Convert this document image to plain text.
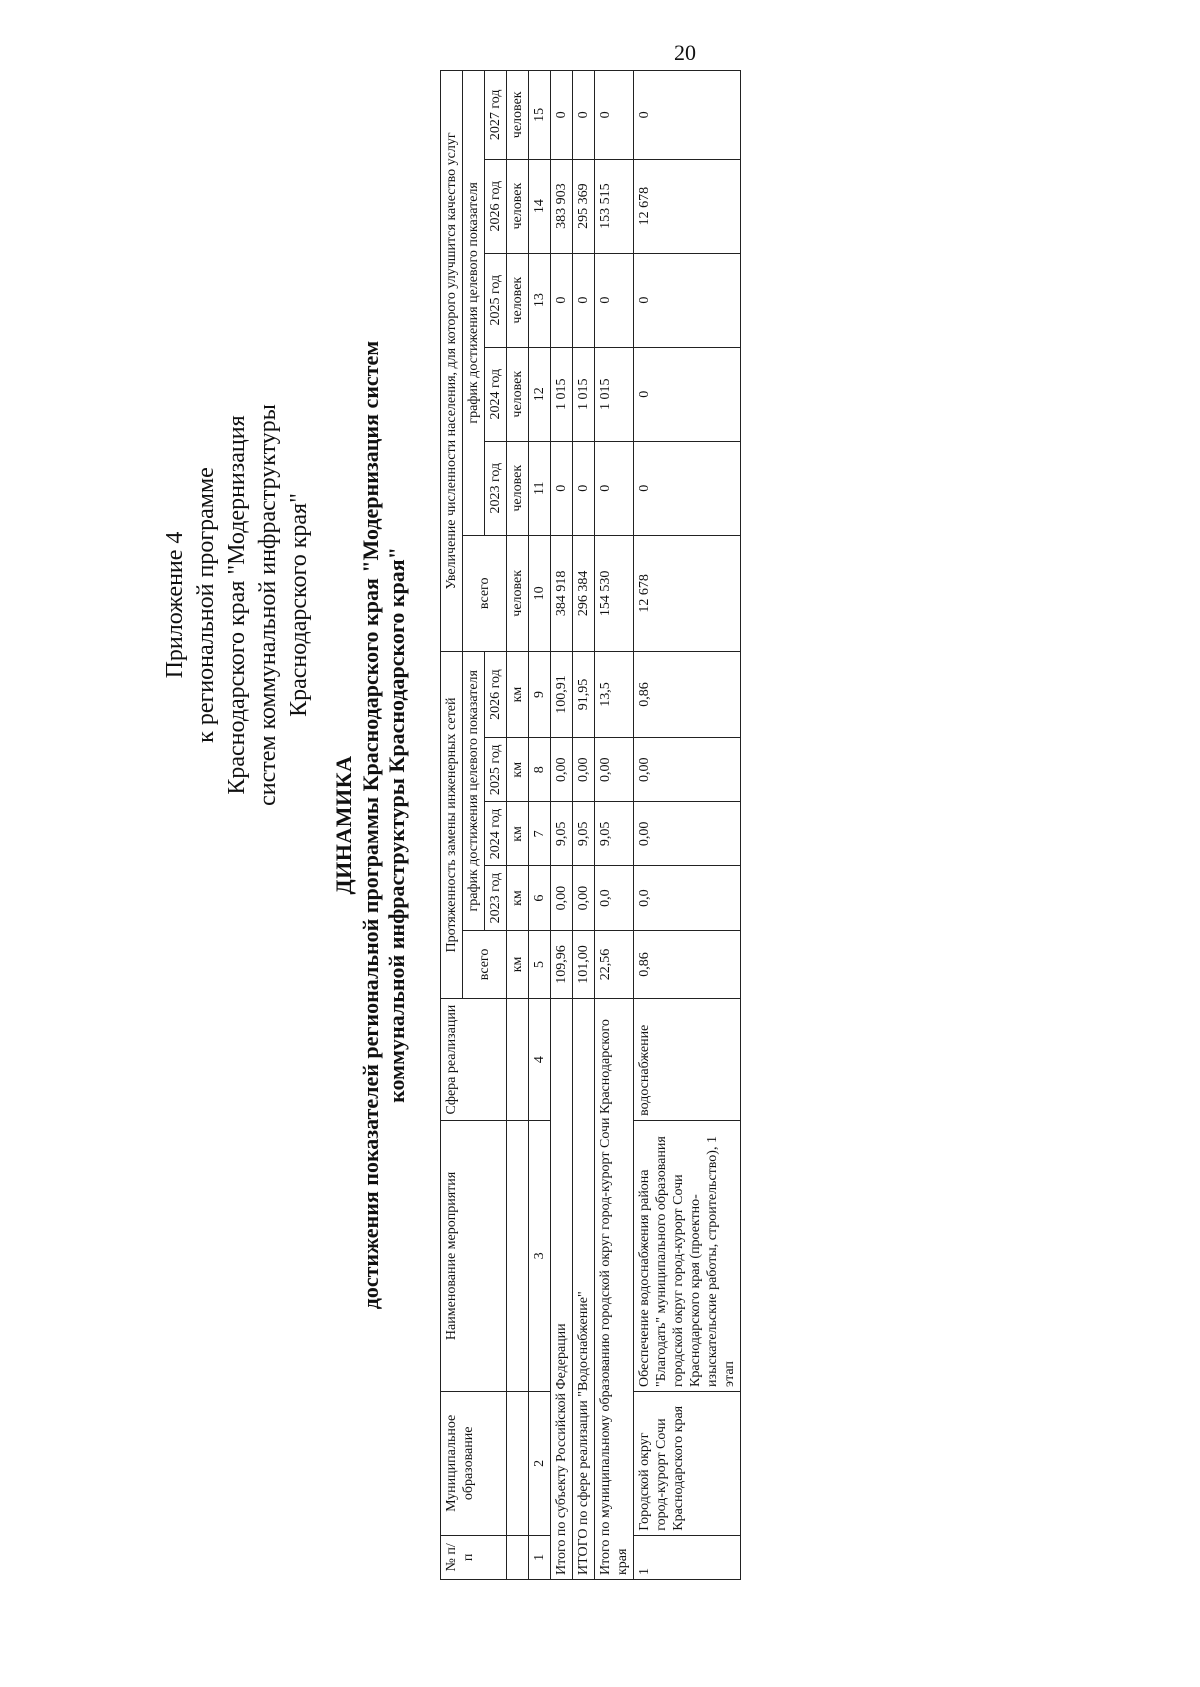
20
Приложение 4 к региональной программе Краснодарского края "Модернизация систем коммунальной инфраструктуры Краснодарского края"
ДИНАМИКА достижения показателей региональной программы Краснодарского края "Модернизация систем коммунальной инфраструктуры Краснодарского края"
№ п/п	Муниципальное образование	Наименование мероприятия	Сфера реализации	Протяженность замены инженерных сетей					Увеличение численности населения, для которого улучшится качество услуг					
				всего	график достижения целевого показателя				всего	график достижения целевого показателя				
					2023 год	2024 год	2025 год	2026 год		2023 год	2024 год	2025 год	2026 год	2027 год
				км	км	км	км	км	человек	человек	человек	человек	человек	человек
1	2	3	4	5	6	7	8	9	10	11	12	13	14	15
Итого по субъекту Российской Федерации				109,96	0,00	9,05	0,00	100,91	384 918	0	1 015	0	383 903	0
ИТОГО по сфере реализации "Водоснабжение"				101,00	0,00	9,05	0,00	91,95	296 384	0	1 015	0	295 369	0
Итого по муниципальному образованию городской округ город-курорт Сочи Краснодарского края				22,56	0,0	9,05	0,00	13,5	154 530	0	1 015	0	153 515	0
1	Городской округ город-курорт Сочи Краснодарского края	Обеспечение водоснабжения района "Благодать" муниципального образования городской округ город-курорт Сочи Краснодарского края (проектно-изыскательские работы, строительство), 1 этап	водоснабжение	0,86	0,0	0,00	0,00	0,86	12 678	0	0	0	12 678	0
